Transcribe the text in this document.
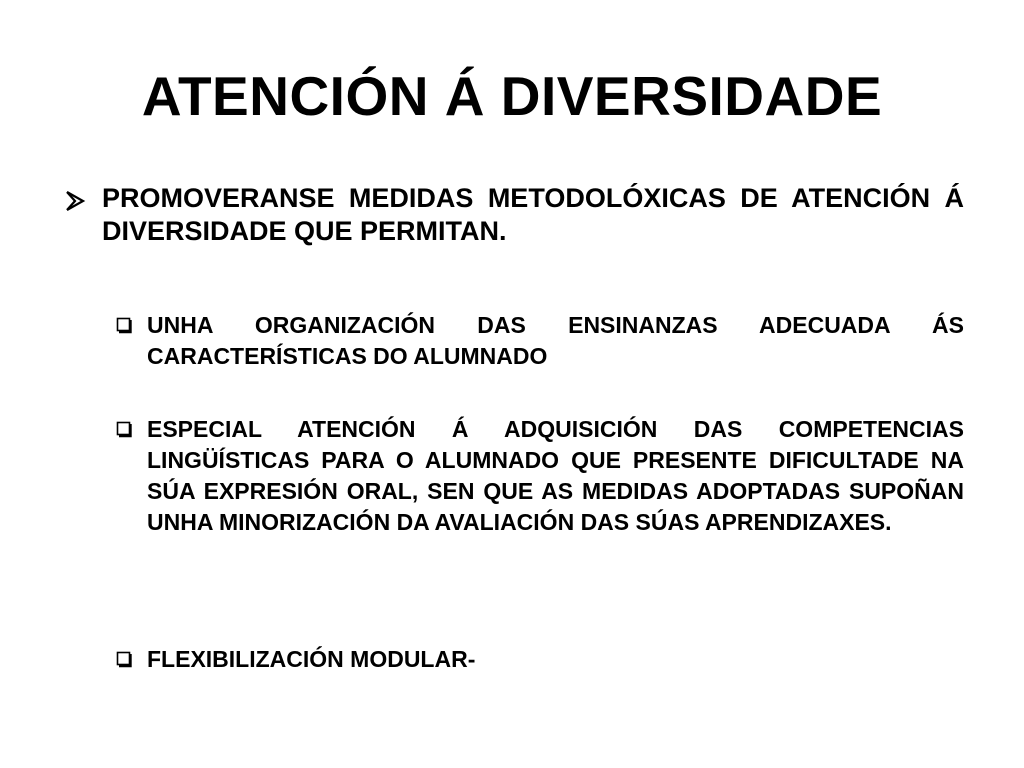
ATENCIÓN Á DIVERSIDADE
PROMOVERANSE MEDIDAS METODOLÓXICAS DE ATENCIÓN Á DIVERSIDADE QUE PERMITAN.
UNHA ORGANIZACIÓN DAS ENSINANZAS ADECUADA ÁS CARACTERÍSTICAS DO ALUMNADO
ESPECIAL ATENCIÓN Á ADQUISICIÓN DAS COMPETENCIAS LINGÜÍSTICAS PARA O ALUMNADO QUE PRESENTE DIFICULTADE NA SÚA EXPRESIÓN ORAL, SEN QUE AS MEDIDAS ADOPTADAS SUPOÑAN UNHA MINORIZACIÓN DA AVALIACIÓN DAS SÚAS APRENDIZAXES.
FLEXIBILIZACIÓN MODULAR-
